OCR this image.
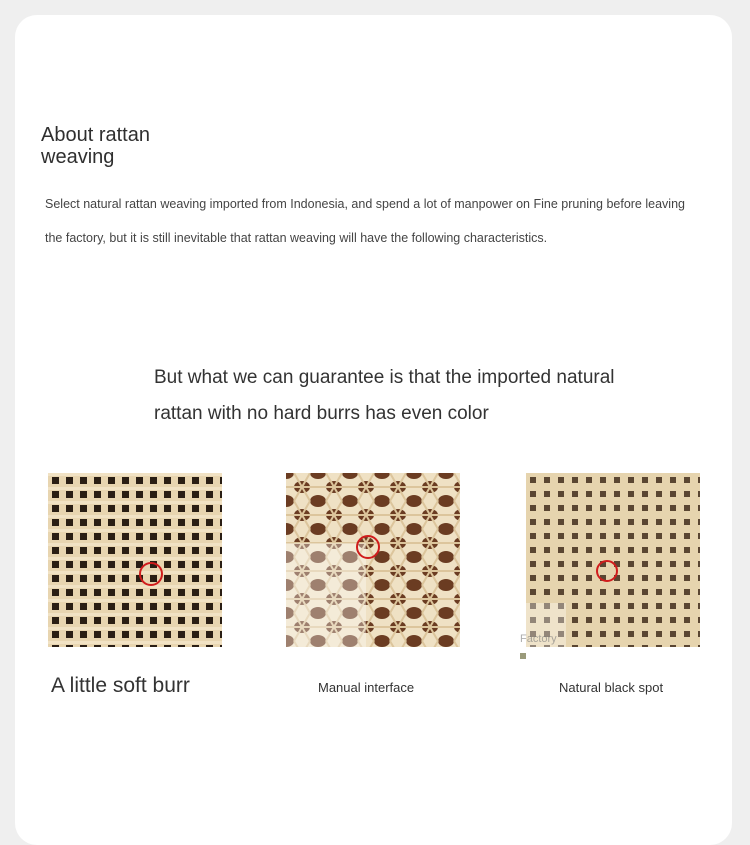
About rattan weaving

Select natural rattan weaving imported from Indonesia, and spend a lot of manpower on Fine pruning before leaving the factory, but it is still inevitable that rattan weaving will have the following characteristics.

But what we can guarantee is that the imported natural rattan with no hard burrs has even color

Factory
A little soft burr	Manual interface	Natural black spot
